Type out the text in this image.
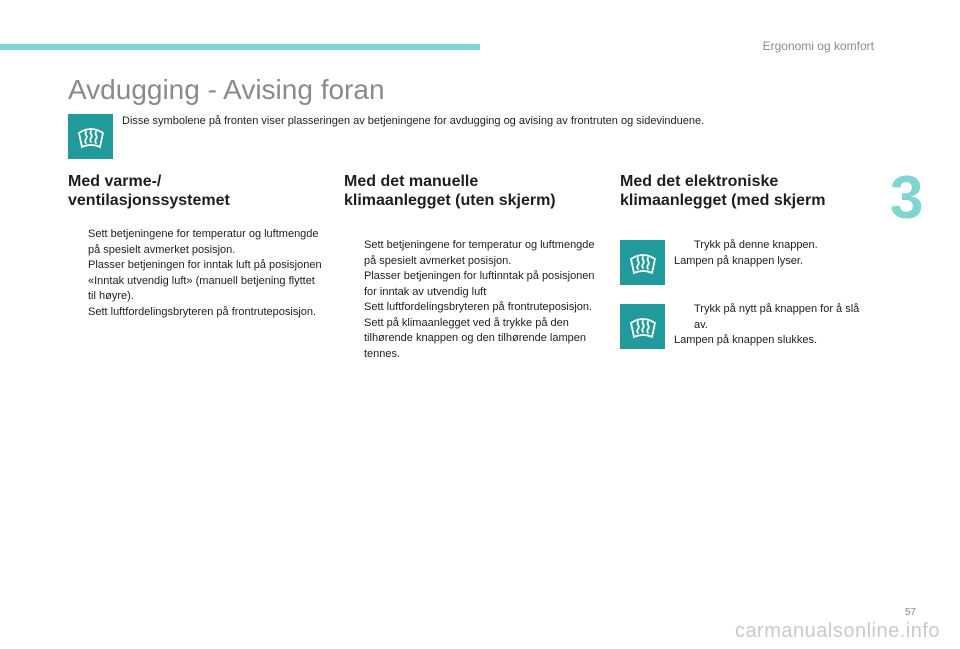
Ergonomi og komfort
3
Avdugging - Avising foran
Disse symbolene på fronten viser plasseringen av betjeningene for avdugging og avising av frontruten og sidevinduene.
Med varme-/
ventilasjonssystemet
Sett betjeningene for temperatur og luftmengde på spesielt avmerket posisjon.
Plasser betjeningen for inntak luft på posisjonen «Inntak utvendig luft» (manuell betjening flyttet til høyre).
Sett luftfordelingsbryteren på frontruteposisjon.
Med det manuelle
klimaanlegget (uten skjerm)
Sett betjeningene for temperatur og luftmengde på spesielt avmerket posisjon.
Plasser betjeningen for luftinntak på posisjonen for inntak av utvendig luft
Sett luftfordelingsbryteren på frontruteposisjon.
Sett på klimaanlegget ved å trykke på den tilhørende knappen og den tilhørende lampen tennes.
Med det elektroniske
klimaanlegget (med skjerm
Trykk på denne knappen.
Lampen på knappen lyser.
Trykk på nytt på knappen for å slå av.
Lampen på knappen slukkes.
57
carmanualsonline.info
